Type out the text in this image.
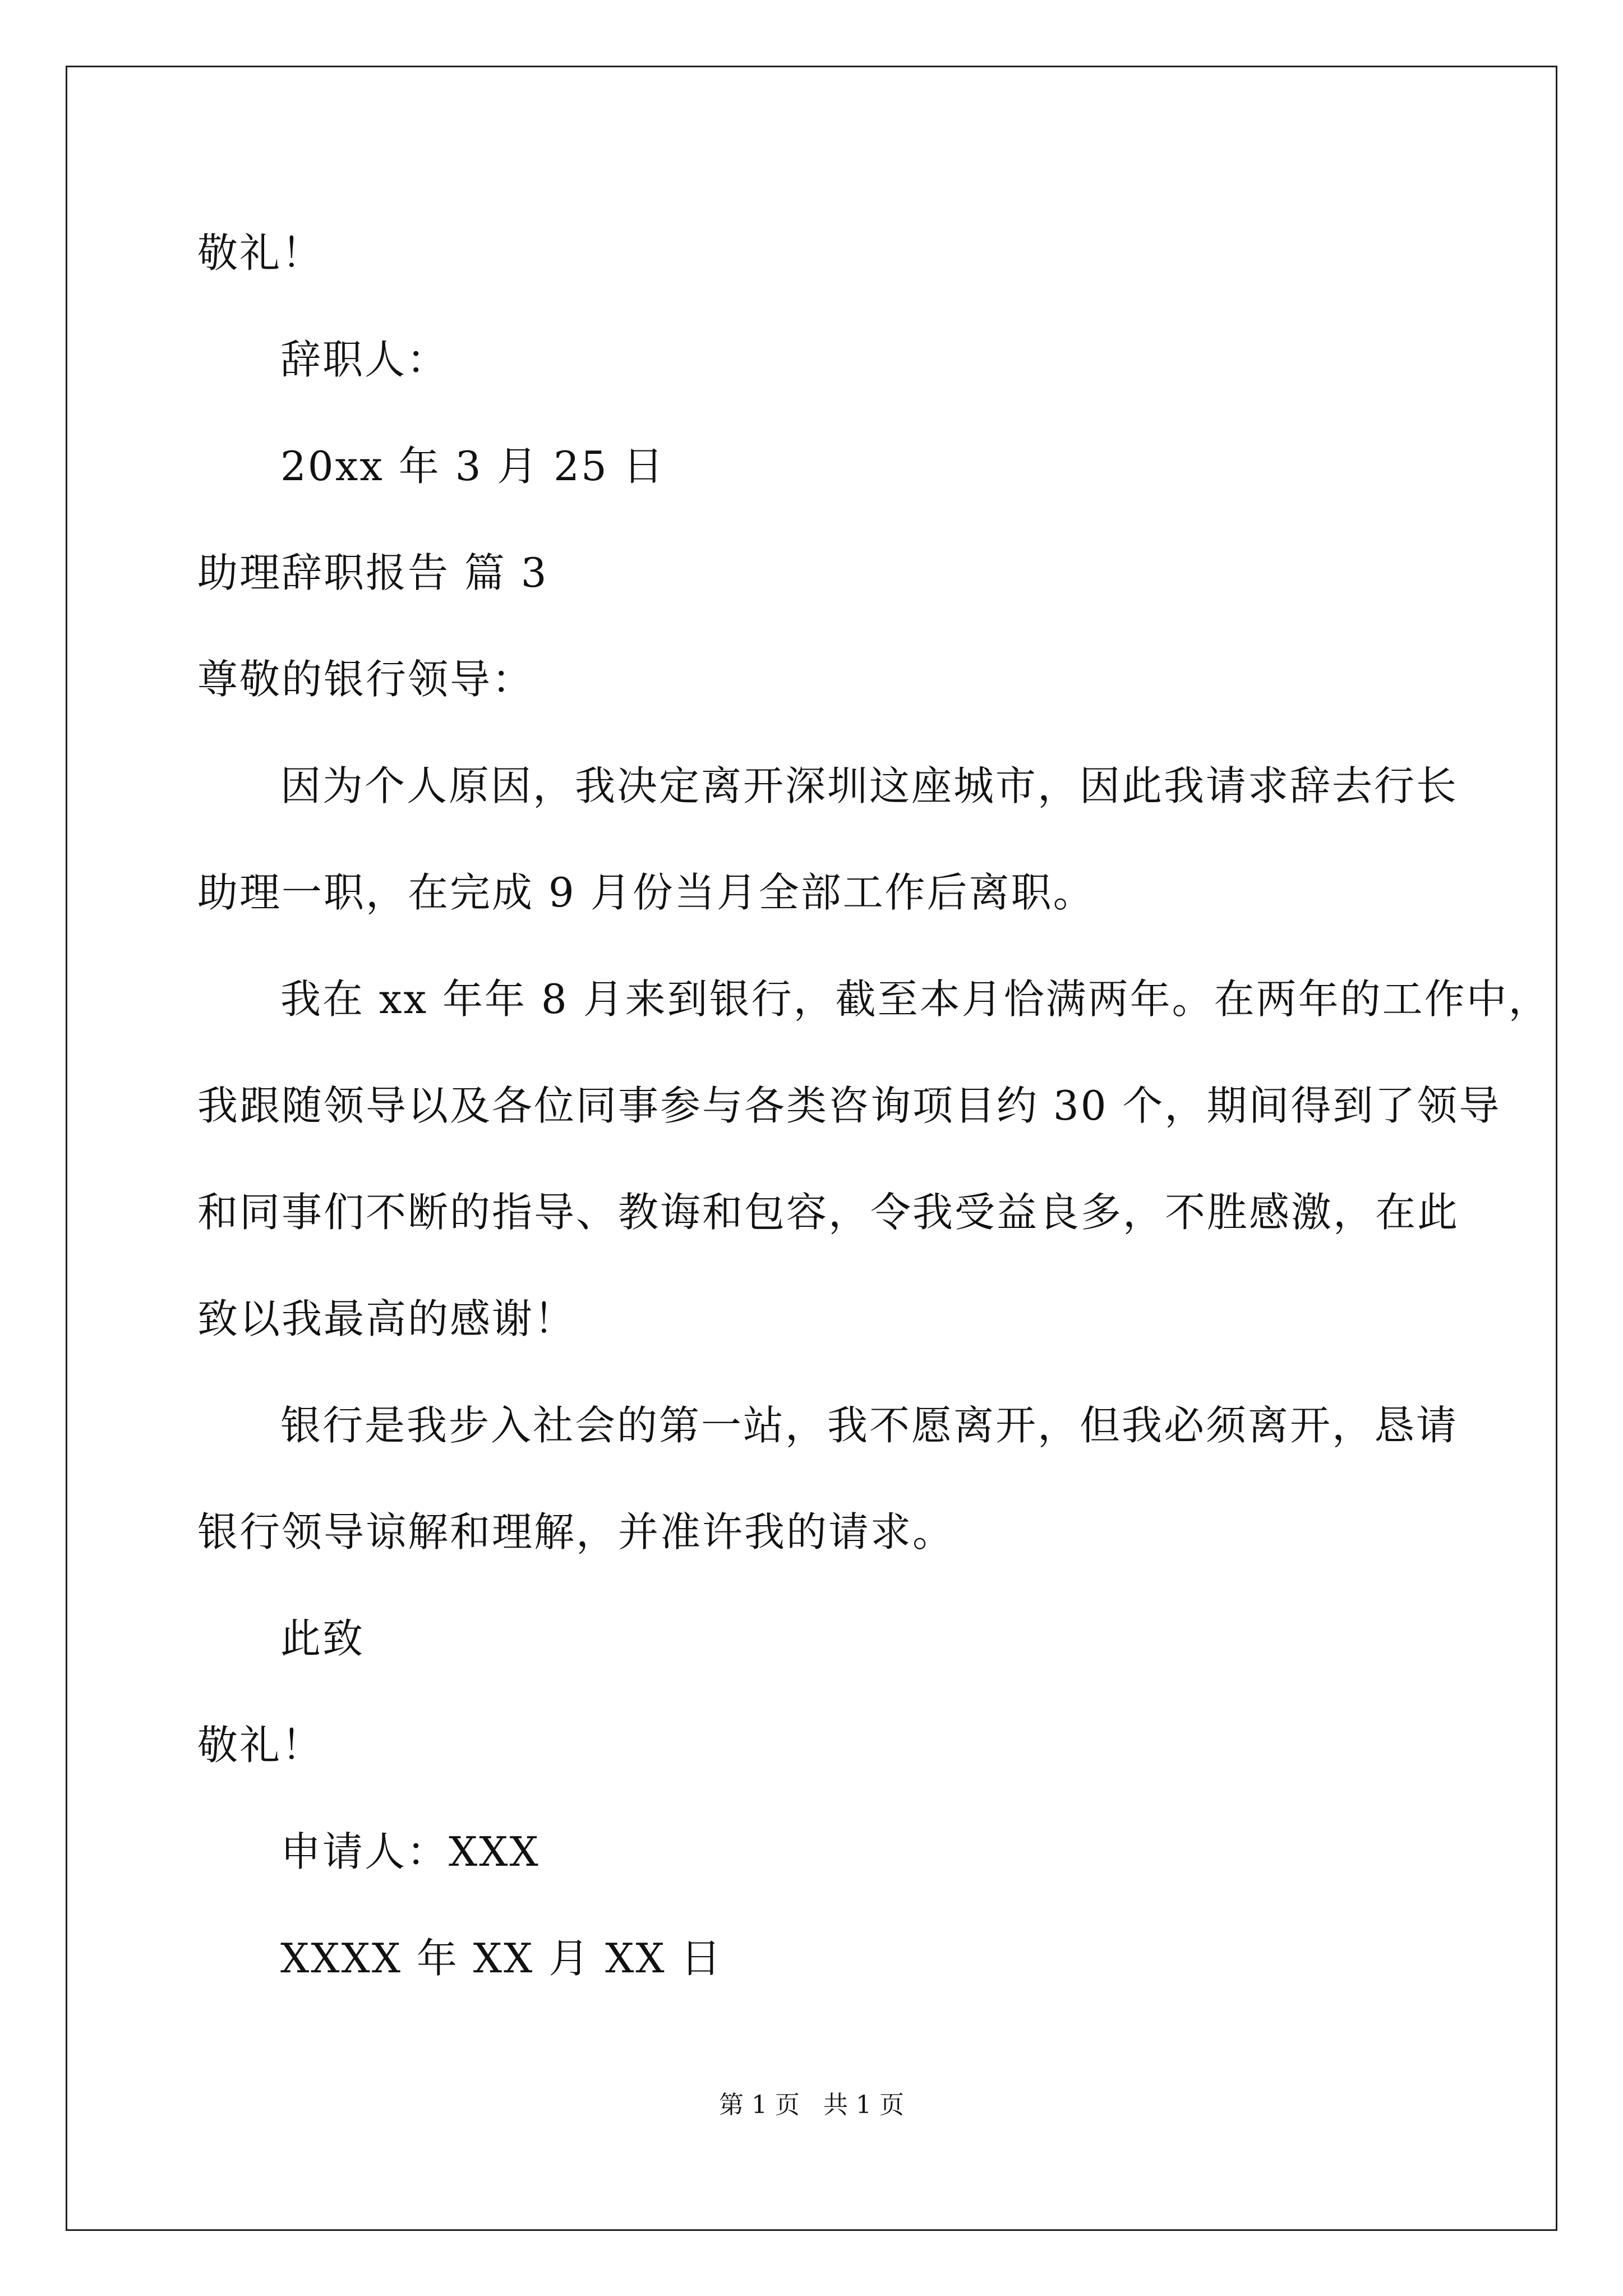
敬礼！
辞职人：
20xx 年 3 月 25 日
助理辞职报告 篇 3
尊敬的银行领导：
因为个人原因，我决定离开深圳这座城市，因此我请求辞去行长
助理一职，在完成 9 月份当月全部工作后离职。
我在 xx 年年 8 月来到银行，截至本月恰满两年。在两年的工作中，
我跟随领导以及各位同事参与各类咨询项目约 30 个，期间得到了领导
和同事们不断的指导、教诲和包容，令我受益良多，不胜感激，在此
致以我最高的感谢！
银行是我步入社会的第一站，我不愿离开，但我必须离开，恳请
银行领导谅解和理解，并准许我的请求。
此致
敬礼！
申请人：XXX
XXXX 年 XX 月 XX 日
第 1 页 共 1 页
